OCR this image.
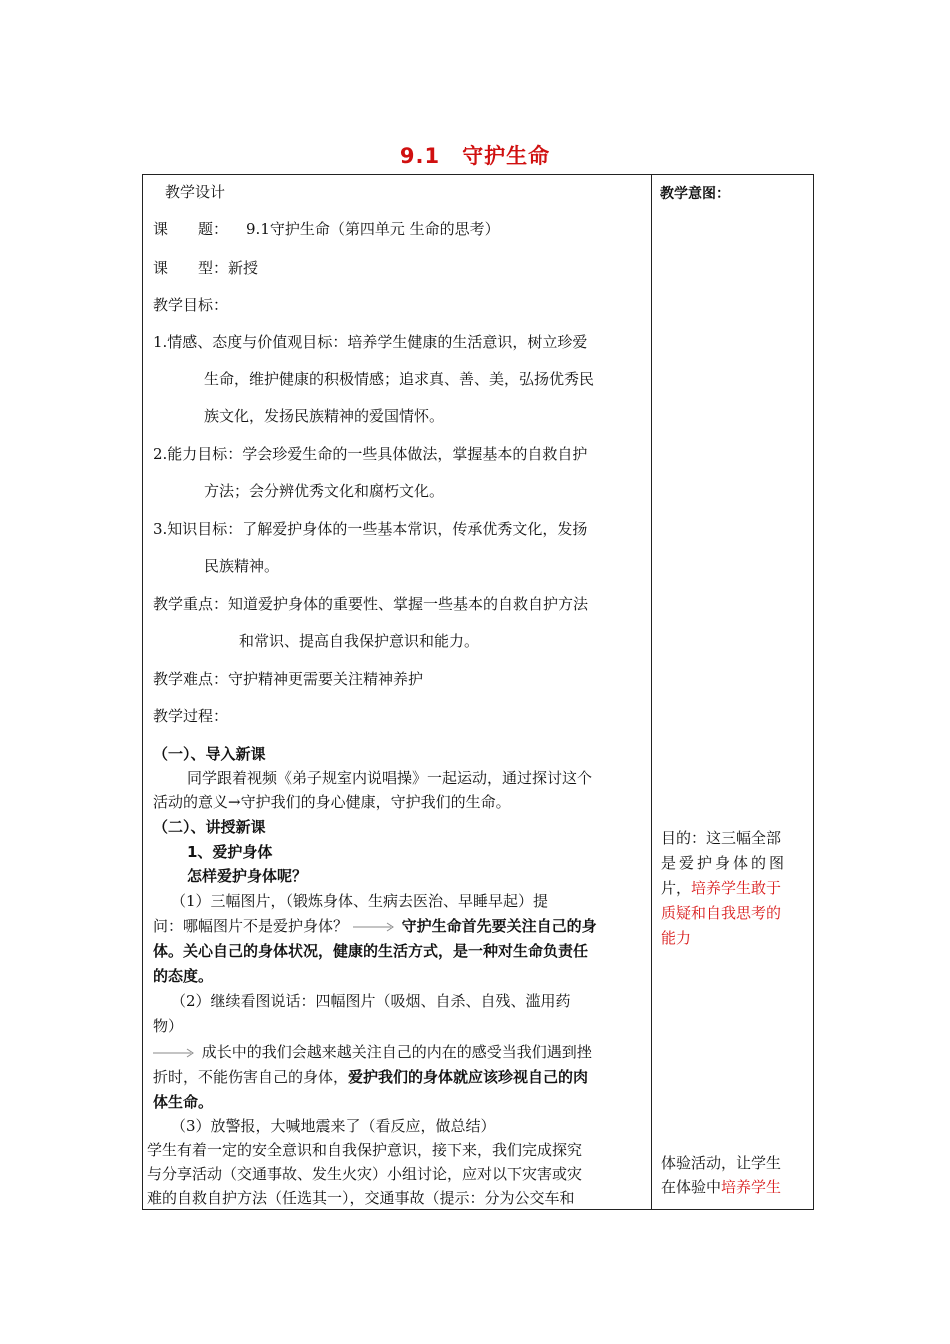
9.1　守护生命
教学设计
课　　题： 9.1守护生命（第四单元 生命的思考）
课　　型：新授
教学目标：
1.情感、态度与价值观目标：培养学生健康的生活意识，树立珍爱
生命，维护健康的积极情感；追求真、善、美，弘扬优秀民
族文化，发扬民族精神的爱国情怀。
2.能力目标：学会珍爱生命的一些具体做法，掌握基本的自救自护
方法；会分辨优秀文化和腐朽文化。
3.知识目标：了解爱护身体的一些基本常识，传承优秀文化，发扬
民族精神。
教学重点：知道爱护身体的重要性、掌握一些基本的自救自护方法
和常识、提高自我保护意识和能力。
教学难点：守护精神更需要关注精神养护
教学过程：
（一）、导入新课
同学跟着视频《弟子规室内说唱操》一起运动，通过探讨这个
活动的意义→守护我们的身心健康，守护我们的生命。
（二）、讲授新课
1、爱护身体
怎样爱护身体呢？
（1）三幅图片，（锻炼身体、生病去医治、早睡早起）提
问：哪幅图片不是爱护身体？	守护生命首先要关注自己的身
体。关心自己的身体状况，健康的生活方式，是一种对生命负责任
的态度。
（2）继续看图说话：四幅图片（吸烟、自杀、自残、滥用药
物）
成长中的我们会越来越关注自己的内在的感受当我们遇到挫
折时，不能伤害自己的身体，爱护我们的身体就应该珍视自己的肉
体生命。
（3）放警报，大喊地震来了（看反应，做总结）
学生有着一定的安全意识和自我保护意识，接下来，我们完成探究
与分享活动（交通事故、发生火灾）小组讨论，应对以下灾害或灾
难的自救自护方法（任选其一），交通事故（提示：分为公交车和
教学意图：
目的：这三幅全部
是爱护身体的图
片，培养学生敢于
质疑和自我思考的
能力
体验活动，让学生
在体验中培养学生
